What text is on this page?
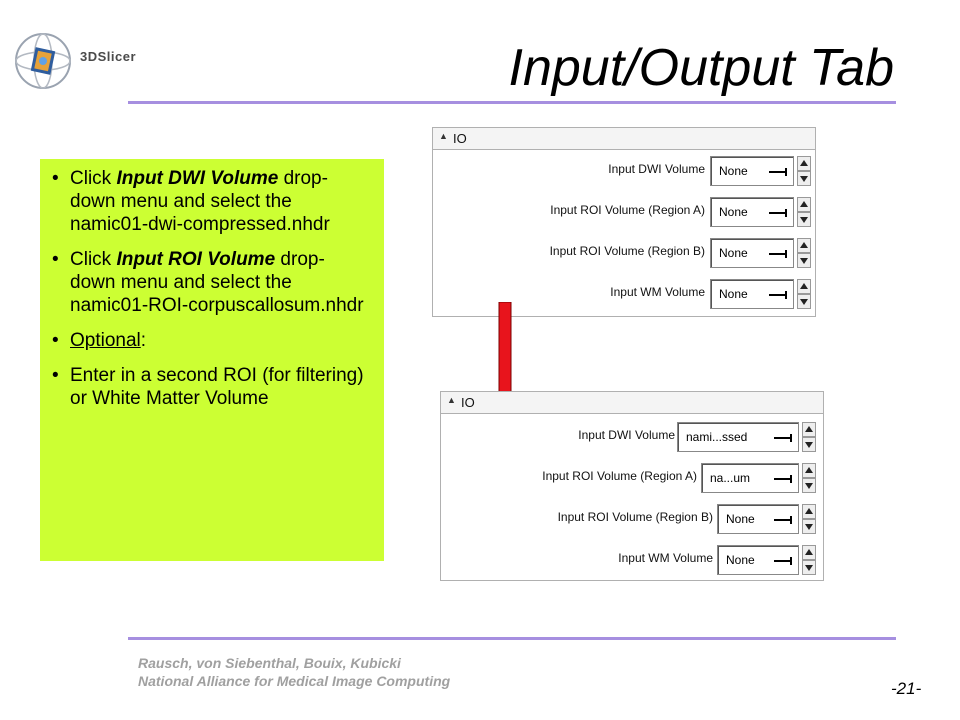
3DSlicer	Input/Output Tab
• Click Input DWI Volume drop-down menu and select the namic01-dwi-compressed.nhdr
• Click Input ROI Volume drop-down menu and select the namic01-ROI-corpuscallosum.nhdr
• Optional:
• Enter in a second ROI (for filtering) or White Matter Volume
▲ IO
Input DWI Volume None
Input ROI Volume (Region A) None
Input ROI Volume (Region B) None
Input WM Volume None
▲ IO
Input DWI Volume nami...ssed
Input ROI Volume (Region A) na...um
Input ROI Volume (Region B) None
Input WM Volume None
Rausch, von Siebenthal, Bouix, Kubicki
National Alliance for Medical Image Computing	-21-
